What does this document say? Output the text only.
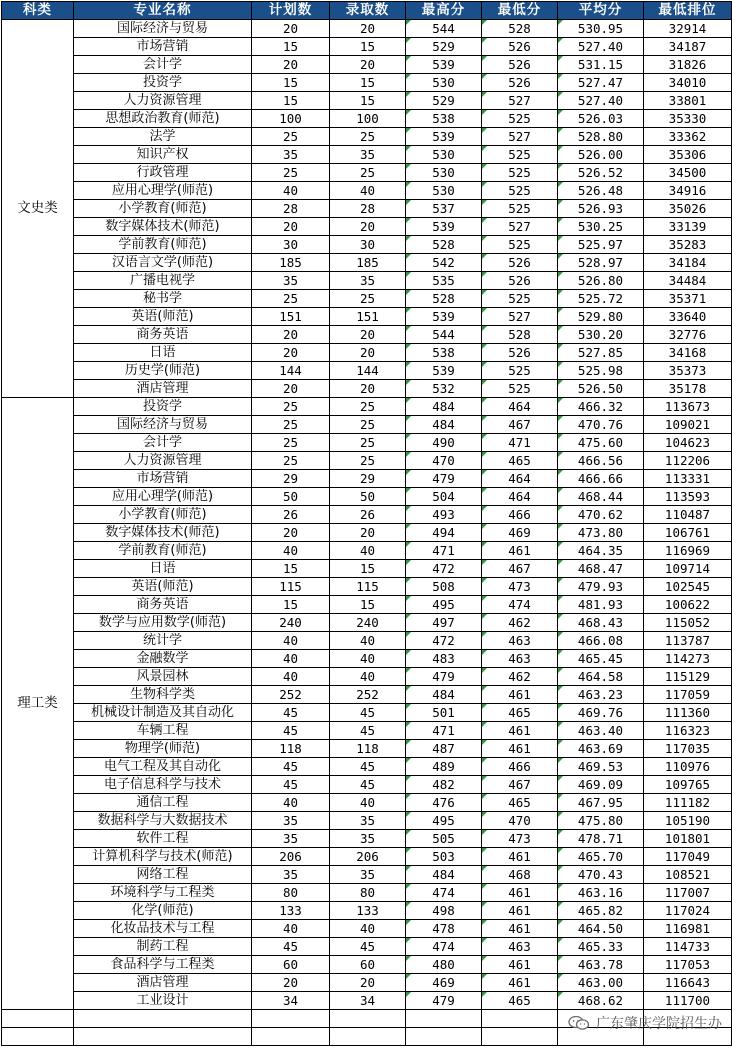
科类	专业名称	计划数	录取数	最高分	最低分	平均分	最低排位
文史类	国际经济与贸易	20	20	544	528	530.95	32914
	市场营销	15	15	529	526	527.40	34187
	会计学	20	20	539	526	531.15	31826
	投资学	15	15	530	526	527.47	34010
	人力资源管理	15	15	529	527	527.40	33801
	思想政治教育(师范)	100	100	538	525	526.03	35330
	法学	25	25	539	527	528.80	33362
	知识产权	35	35	530	525	526.00	35306
	行政管理	25	25	530	525	526.52	34500
	应用心理学(师范)	40	40	530	525	526.48	34916
	小学教育(师范)	28	28	537	525	526.93	35026
	数字媒体技术(师范)	20	20	539	527	530.25	33139
	学前教育(师范)	30	30	528	525	525.97	35283
	汉语言文学(师范)	185	185	542	526	528.97	34184
	广播电视学	35	35	535	526	526.80	34484
	秘书学	25	25	528	525	525.72	35371
	英语(师范)	151	151	539	527	529.80	33640
	商务英语	20	20	544	528	530.20	32776
	日语	20	20	538	526	527.85	34168
	历史学(师范)	144	144	539	525	525.98	35373
	酒店管理	20	20	532	525	526.50	35178
理工类	投资学	25	25	484	464	466.32	113673
	国际经济与贸易	25	25	484	467	470.76	109021
	会计学	25	25	490	471	475.60	104623
	人力资源管理	25	25	470	465	466.56	112206
	市场营销	29	29	479	464	466.66	113331
	应用心理学(师范)	50	50	504	464	468.44	113593
	小学教育(师范)	26	26	493	466	470.62	110487
	数字媒体技术(师范)	20	20	494	469	473.80	106761
	学前教育(师范)	40	40	471	461	464.35	116969
	日语	15	15	472	467	468.47	109714
	英语(师范)	115	115	508	473	479.93	102545
	商务英语	15	15	495	474	481.93	100622
	数学与应用数学(师范)	240	240	497	462	468.43	115052
	统计学	40	40	472	463	466.08	113787
	金融数学	40	40	483	463	465.45	114273
	风景园林	40	40	479	462	464.58	115129
	生物科学类	252	252	484	461	463.23	117059
	机械设计制造及其自动化	45	45	501	465	469.76	111360
	车辆工程	45	45	471	461	463.40	116323
	物理学(师范)	118	118	487	461	463.69	117035
	电气工程及其自动化	45	45	489	466	469.53	110976
	电子信息科学与技术	45	45	482	467	469.09	109765
	通信工程	40	40	476	465	467.95	111182
	数据科学与大数据技术	35	35	495	470	475.80	105190
	软件工程	35	35	505	473	478.71	101801
	计算机科学与技术(师范)	206	206	503	461	465.70	117049
	网络工程	35	35	484	468	470.43	108521
	环境科学与工程类	80	80	474	461	463.16	117007
	化学(师范)	133	133	498	461	465.82	117024
	化妆品技术与工程	40	40	478	461	464.50	116981
	制药工程	45	45	474	463	465.33	114733
	食品科学与工程类	60	60	480	461	463.78	117053
	酒店管理	20	20	469	461	463.00	116643
	工业设计	34	34	479	465	468.62	111700

广东肇庆学院招生办
